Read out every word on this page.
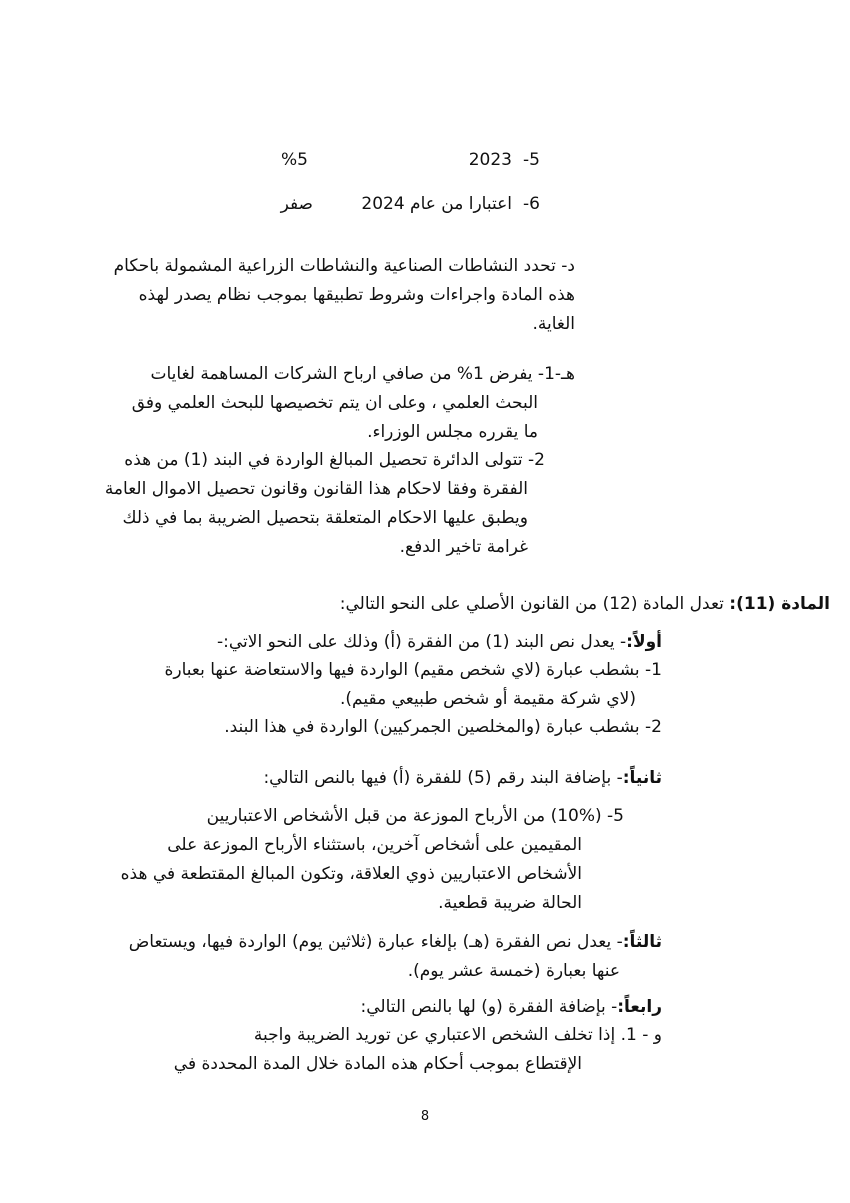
5-
2023
%5
6-
اعتبارا من عام 2024
صفر
د- تحدد النشاطات الصناعية والنشاطات الزراعية المشمولة باحكام
هذه المادة واجراءات وشروط تطبيقها بموجب نظام يصدر لهذه
الغاية.
هـ-1- يفرض 1% من صافي ارباح الشركات المساهمة لغايات
البحث العلمي ، وعلى ان يتم تخصيصها للبحث العلمي وفق
ما يقرره مجلس الوزراء.
2- تتولى الدائرة تحصيل المبالغ الواردة في البند (1) من هذه
الفقرة وفقا لاحكام هذا القانون وقانون تحصيل الاموال العامة
ويطبق عليها الاحكام المتعلقة بتحصيل الضريبة بما في ذلك
غرامة تاخير الدفع.
المادة (11): تعدل المادة (12) من القانون الأصلي على النحو التالي:
أولاً:- يعدل نص البند (1) من الفقرة (أ) وذلك على النحو الاتي:-
1- بشطب عبارة (لاي شخص مقيم) الواردة فيها والاستعاضة عنها بعبارة
(لاي شركة مقيمة أو شخص طبيعي مقيم).
2- بشطب عبارة (والمخلصين الجمركيين) الواردة في هذا البند.
ثانياً:- بإضافة البند رقم (5) للفقرة (أ) فيها بالنص التالي:
5- (10%) من الأرباح الموزعة من قبل الأشخاص الاعتباريين
المقيمين على أشخاص آخرين، باستثناء الأرباح الموزعة على
الأشخاص الاعتباريين ذوي العلاقة، وتكون المبالغ المقتطعة في هذه
الحالة ضريبة قطعية.
ثالثاً:- يعدل نص الفقرة (هـ) بإلغاء عبارة (ثلاثين يوم) الواردة فيها، ويستعاض
عنها بعبارة (خمسة عشر يوم).
رابعاً:- بإضافة الفقرة (و) لها بالنص التالي:
و - 1. إذا تخلف الشخص الاعتباري عن توريد الضريبة واجبة
الإقتطاع بموجب أحكام هذه المادة خلال المدة المحددة في
8
